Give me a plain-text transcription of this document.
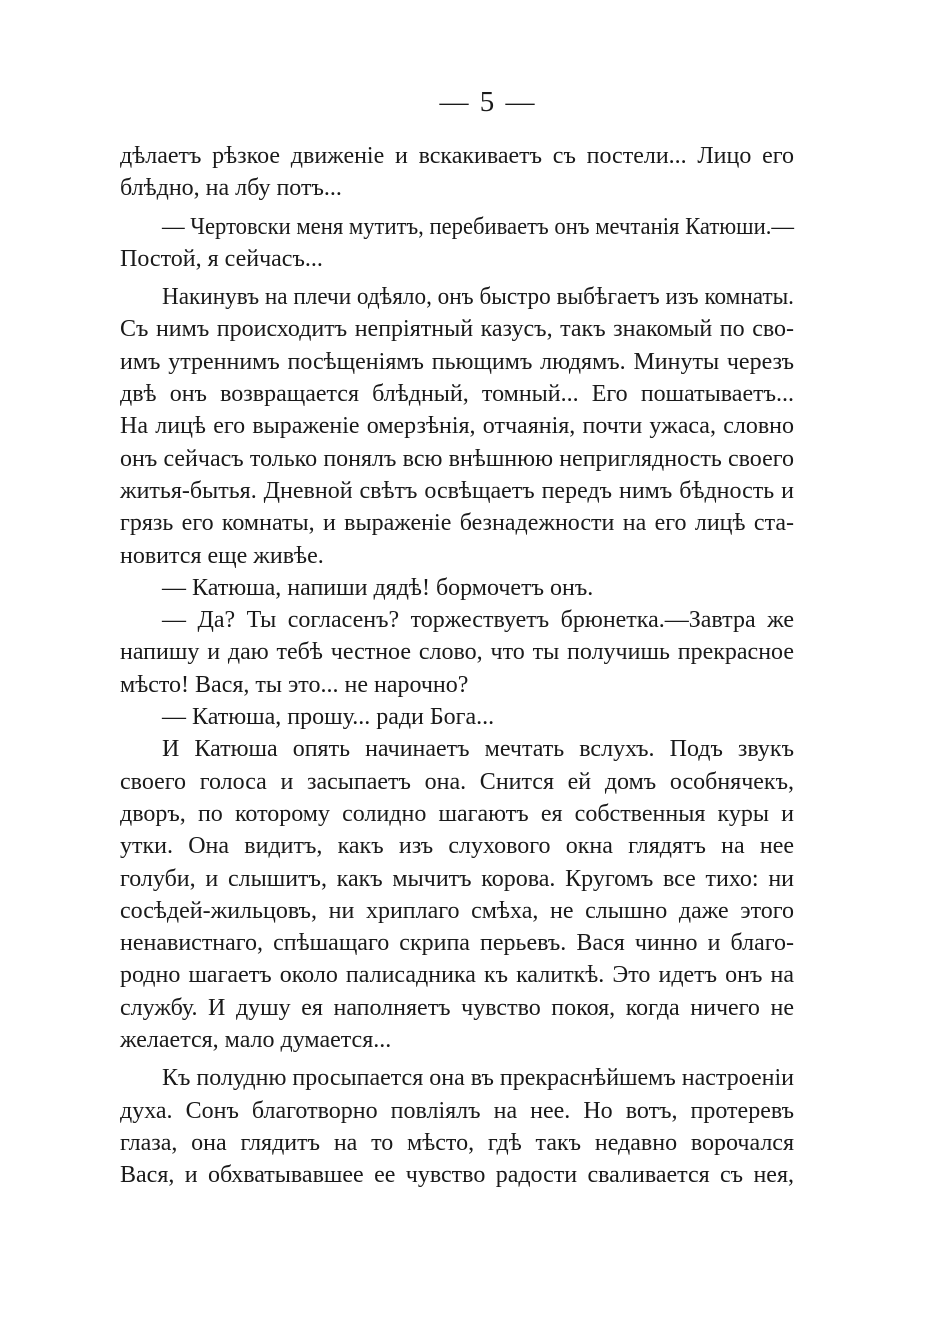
— 5 —
дѣлаетъ рѣзкое движеніе и вскакиваетъ съ постели... Лицо его
блѣдно, на лбу потъ...
— Чертовски меня мутитъ, перебиваетъ онъ мечтанія Катюши.—
Постой, я сейчасъ...
Накинувъ на плечи одѣяло, онъ быстро выбѣгаетъ изъ комнаты.
Съ нимъ происходитъ непріятный казусъ, такъ знакомый по сво-
имъ утреннимъ посѣщеніямъ пьющимъ людямъ. Минуты черезъ
двѣ онъ возвращается блѣдный, томный... Его пошатываетъ...
На лицѣ его выраженіе омерзѣнія, отчаянія, почти ужаса, словно
онъ сейчасъ только понялъ всю внѣшнюю неприглядность своего
житья-бытья. Дневной свѣтъ освѣщаетъ передъ нимъ бѣдность и
грязь его комнаты, и выраженіе безнадежности на его лицѣ ста-
новится еще живѣе.
— Катюша, напиши дядѣ! бормочетъ онъ.
— Да? Ты согласенъ? торжествуетъ брюнетка.—Завтра же
напишу и даю тебѣ честное слово, что ты получишь прекрасное
мѣсто! Вася, ты это... не нарочно?
— Катюша, прошу... ради Бога...
И Катюша опять начинаетъ мечтать вслухъ. Подъ звукъ
своего голоса и засыпаетъ она. Снится ей домъ особнячекъ,
дворъ, по которому солидно шагаютъ ея собственныя куры и
утки. Она видитъ, какъ изъ слухового окна глядятъ на нее
голуби, и слышитъ, какъ мычитъ корова. Кругомъ все тихо: ни
сосѣдей-жильцовъ, ни хриплаго смѣха, не слышно даже этого
ненавистнаго, спѣшащаго скрипа перьевъ. Вася чинно и благо-
родно шагаетъ около палисадника къ калиткѣ. Это идетъ онъ на
службу. И душу ея наполняетъ чувство покоя, когда ничего не
желается, мало думается...
Къ полудню просыпается она въ прекраснѣйшемъ настроеніи
духа. Сонъ благотворно повліялъ на нее. Но вотъ, протеревъ
глаза, она глядитъ на то мѣсто, гдѣ такъ недавно ворочался
Вася, и обхватывавшее ее чувство радости сваливается съ нея,
